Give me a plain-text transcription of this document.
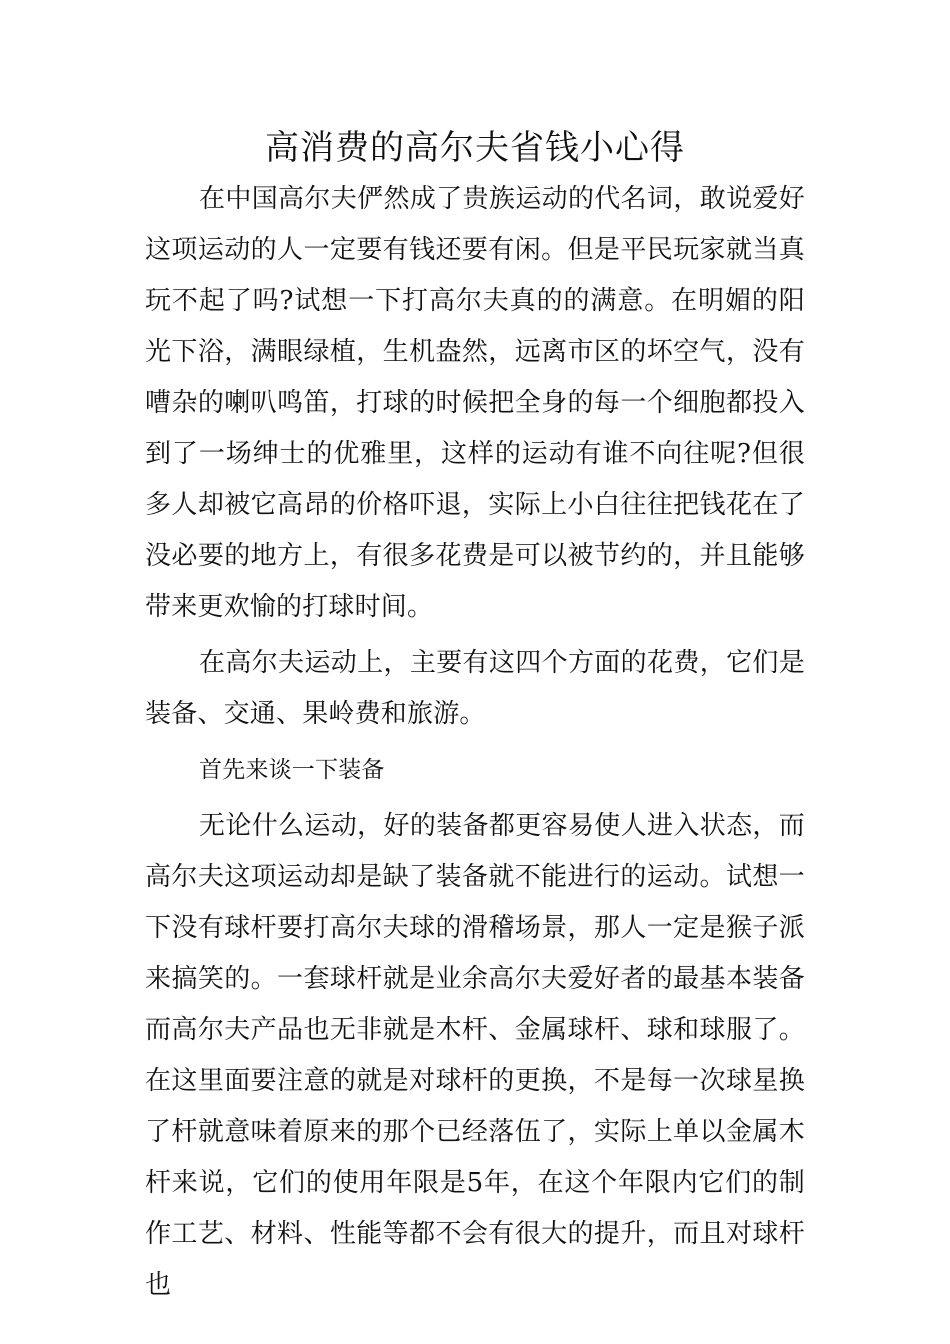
高消费的高尔夫省钱小心得

在中国高尔夫俨然成了贵族运动的代名词，敢说爱好这项运动的人一定要有钱还要有闲。但是平民玩家就当真玩不起了吗?试想一下打高尔夫真的的满意。在明媚的阳光下浴，满眼绿植，生机盎然，远离市区的坏空气，没有嘈杂的喇叭鸣笛，打球的时候把全身的每一个细胞都投入到了一场绅士的优雅里，这样的运动有谁不向往呢?但很多人却被它高昂的价格吓退，实际上小白往往把钱花在了没必要的地方上，有很多花费是可以被节约的，并且能够带来更欢愉的打球时间。

在高尔夫运动上，主要有这四个方面的花费，它们是装备、交通、果岭费和旅游。

首先来谈一下装备

无论什么运动，好的装备都更容易使人进入状态，而高尔夫这项运动却是缺了装备就不能进行的运动。试想一下没有球杆要打高尔夫球的滑稽场景，那人一定是猴子派来搞笑的。一套球杆就是业余高尔夫爱好者的最基本装备而高尔夫产品也无非就是木杆、金属球杆、球和球服了。在这里面要注意的就是对球杆的更换，不是每一次球星换了杆就意味着原来的那个已经落伍了，实际上单以金属木杆来说，它们的使用年限是5年，在这个年限内它们的制作工艺、材料、性能等都不会有很大的提升，而且对球杆也
